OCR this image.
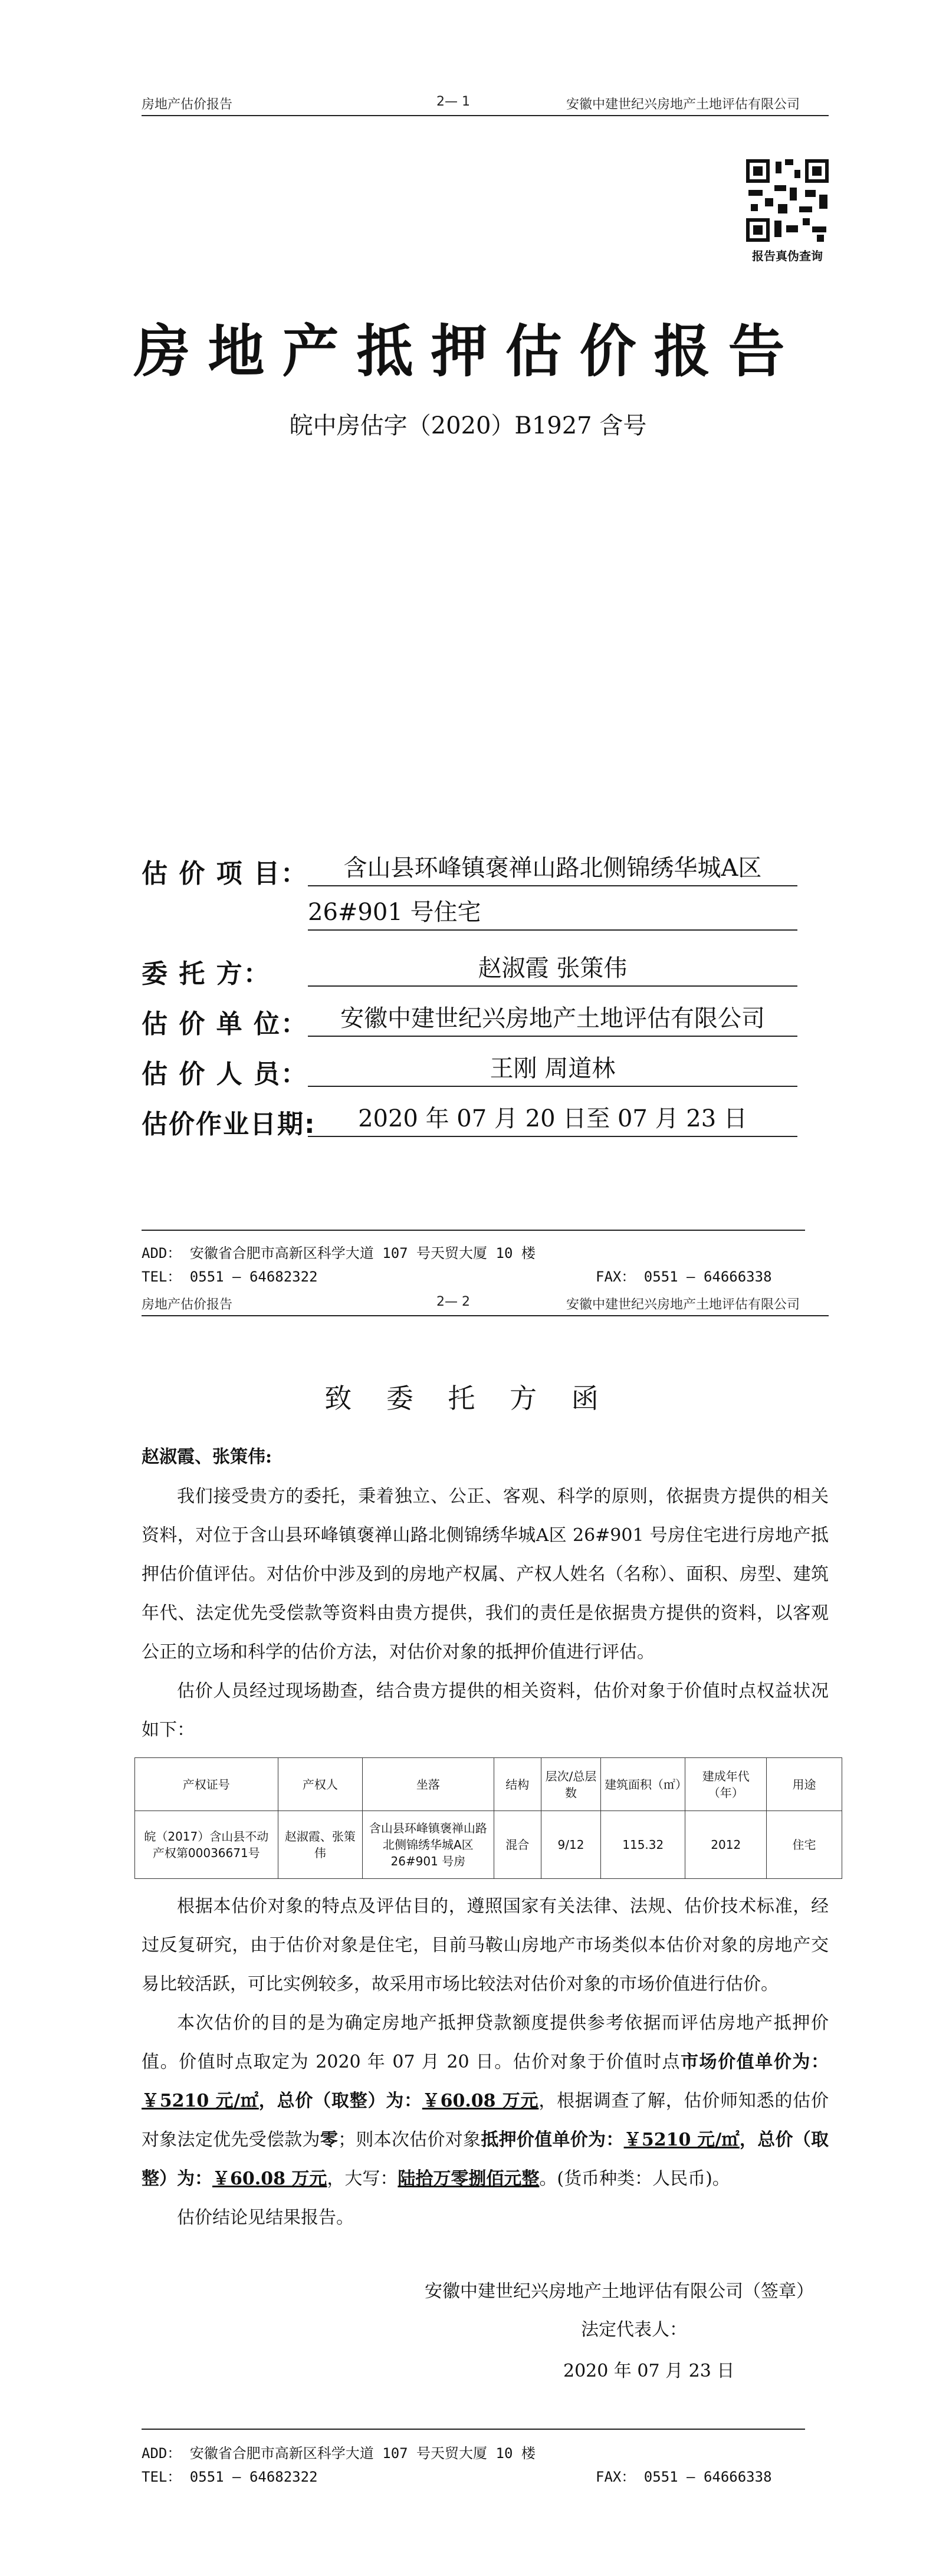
房地产估价报告	2— 1	安徽中建世纪兴房地产土地评估有限公司
报告真伪查询
房地产抵押估价报告
皖中房估字（2020）B1927 含号
估 价 项 目：	含山县环峰镇褒禅山路北侧锦绣华城A区
26#901 号住宅
委 托 方：	赵淑霞 张策伟
估 价 单 位：	安徽中建世纪兴房地产土地评估有限公司
估 价 人 员：	王刚 周道林
估价作业日期:	2020 年 07 月 20 日至 07 月 23 日
ADD： 安徽省合肥市高新区科学大道 107 号天贸大厦 10 楼
TEL： 0551 — 64682322	FAX： 0551 — 64666338
房地产估价报告	2— 2	安徽中建世纪兴房地产土地评估有限公司
致 委 托 方 函
赵淑霞、张策伟:
我们接受贵方的委托，秉着独立、公正、客观、科学的原则，依据贵方提供的相关资料，对位于含山县环峰镇褒禅山路北侧锦绣华城A区 26#901 号房住宅进行房地产抵押估价值评估。对估价中涉及到的房地产权属、产权人姓名（名称）、面积、房型、建筑年代、法定优先受偿款等资料由贵方提供，我们的责任是依据贵方提供的资料，以客观公正的立场和科学的估价方法，对估价对象的抵押价值进行评估。
估价人员经过现场勘查，结合贵方提供的相关资料，估价对象于价值时点权益状况如下：
产权证号	产权人	坐落	结构	层次/总层数	建筑面积（㎡）	建成年代（年）	用途
皖（2017）含山县不动产权第00036671号	赵淑霞、张策伟	含山县环峰镇褒禅山路北侧锦绣华城A区 26#901 号房	混合	9/12	115.32	2012	住宅
根据本估价对象的特点及评估目的，遵照国家有关法律、法规、估价技术标准，经过反复研究，由于估价对象是住宅，目前马鞍山房地产市场类似本估价对象的房地产交易比较活跃，可比实例较多，故采用市场比较法对估价对象的市场价值进行估价。
本次估价的目的是为确定房地产抵押贷款额度提供参考依据而评估房地产抵押价值。价值时点取定为 2020 年 07 月 20 日。估价对象于价值时点市场价值单价为：￥5210 元/㎡，总价（取整）为：￥60.08 万元，根据调查了解，估价师知悉的估价对象法定优先受偿款为零；则本次估价对象抵押价值单价为：￥5210 元/㎡，总价（取整）为：￥60.08 万元，大写：陆拾万零捌佰元整。(货币种类：人民币)。
估价结论见结果报告。
安徽中建世纪兴房地产土地评估有限公司（签章）
法定代表人：
2020 年 07 月 23 日
ADD： 安徽省合肥市高新区科学大道 107 号天贸大厦 10 楼
TEL： 0551 — 64682322	FAX： 0551 — 64666338
